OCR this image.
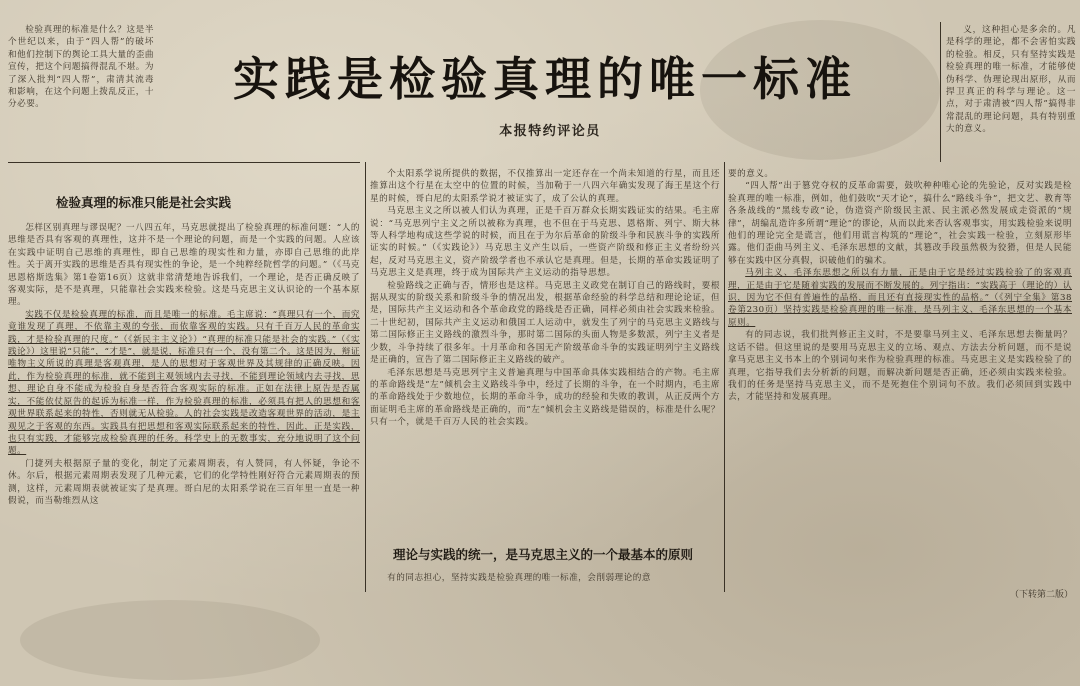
检验真理的标准是什么？这是半个世纪以来，由于“四人帮”的破坏和他们控制下的舆论工具大量的歪曲宣传，把这个问题搞得混乱不堪。为了深入批判“四人帮”，肃清其流毒和影响，在这个问题上拨乱反正，十分必要。	实践是检验真理的唯一标准
本报特约评论员

义，这种担心是多余的。凡是科学的理论，都不会害怕实践的检验。相反，只有坚持实践是检验真理的唯一标准，才能够使伪科学、伪理论现出原形，从而捍卫真正的科学与理论。这一点，对于肃清被“四人帮”搞得非常混乱的理论问题，具有特别重大的意义。

检验真理的标准只能是社会实践

怎样区别真理与谬误呢？一八四五年，马克思就提出了检验真理的标准问题：“人的思维是否具有客观的真理性，这并不是一个理论的问题，而是一个实践的问题。人应该在实践中证明自己思维的真理性，即自己思维的现实性和力量，亦即自己思维的此岸性。关于离开实践的思维是否具有现实性的争论，是一个纯粹经院哲学的问题。”（《马克思恩格斯选集》第1卷第16页）这就非常清楚地告诉我们，一个理论，是否正确反映了客观实际，是不是真理，只能靠社会实践来检验。这是马克思主义认识论的一个基本原理。

实践不仅是检验真理的标准，而且是唯一的标准。毛主席说：“真理只有一个，而究竟谁发现了真理，不依靠主观的夸张，而依靠客观的实践。只有千百万人民的革命实践，才是检验真理的尺度。”（《新民主主义论》）“真理的标准只能是社会的实践。”（《实践论》）这里说“只能”，“才是”，就是说，标准只有一个，没有第二个。这是因为，辩证唯物主义所说的真理是客观真理，是人的思想对于客观世界及其规律的正确反映。因此，作为检验真理的标准，就不能到主观领域内去寻找，不能到理论领域内去寻找，思想、理论自身不能成为检验自身是否符合客观实际的标准。正如在法律上原告是否属实，不能依仗原告的起诉为标准一样，作为检验真理的标准，必须具有把人的思想和客观世界联系起来的特性，否则就无从检验。人的社会实践是改造客观世界的活动，是主观见之于客观的东西。实践具有把思想和客观实际联系起来的特性，因此，正是实践，也只有实践，才能够完成检验真理的任务。科学史上的无数事实，充分地说明了这个问题。

门捷列夫根据原子量的变化，制定了元素周期表，有人赞同，有人怀疑，争论不休。尔后，根据元素周期表发现了几种元素，它们的化学特性刚好符合元素周期表的预测，这样，元素周期表就被证实了是真理。哥白尼的太阳系学说在三百年里一直是一种假说，而当勒维烈从这

个太阳系学说所提供的数据，不仅推算出一定还存在一个尚未知道的行星，而且还推算出这个行星在太空中的位置的时候，当加勒于一八四六年确实发现了海王星这个行星的时候，哥白尼的太阳系学说才被证实了，成了公认的真理。

马克思主义之所以被人们认为真理，正是千百万群众长期实践证实的结果。毛主席说：“马克思列宁主义之所以被称为真理，也不但在于马克思、恩格斯、列宁、斯大林等人科学地构成这些学说的时候，而且在于为尔后革命的阶级斗争和民族斗争的实践所证实的时候。”（《实践论》）马克思主义产生以后，一些资产阶级和修正主义者纷纷兴起，反对马克思主义，资产阶级学者也不承认它是真理。但是，长期的革命实践证明了马克思主义是真理，终于成为国际共产主义运动的指导思想。

检验路线之正确与否，情形也是这样。马克思主义政党在制订自己的路线时，要根据从现实的阶级关系和阶级斗争的情况出发，根据革命经验的科学总结和理论论证，但是，国际共产主义运动和各个革命政党的路线是否正确，同样必须由社会实践来检验。二十世纪初，国际共产主义运动和俄国工人运动中，就发生了列宁的马克思主义路线与第二国际修正主义路线的激烈斗争，那时第二国际的头面人物是多数派，列宁主义者是少数，斗争持续了很多年。十月革命和各国无产阶级革命斗争的实践证明列宁主义路线是正确的，宣告了第二国际修正主义路线的破产。

毛泽东思想是马克思列宁主义普遍真理与中国革命具体实践相结合的产物。毛主席的革命路线是“左”倾机会主义路线斗争中，经过了长期的斗争，在一个时期内，毛主席的革命路线处于少数地位，长期的革命斗争，成功的经验和失败的教训，从正反两个方面证明毛主席的革命路线是正确的，而“左”倾机会主义路线是错误的，标准是什么呢？只有一个，就是千百万人民的社会实践。

理论与实践的统一，是马克思主义的一个最基本的原则

有的同志担心，坚持实践是检验真理的唯一标准，会削弱理论的意

要的意义。

“四人帮”出于篡党夺权的反革命需要，鼓吹种种唯心论的先验论，反对实践是检验真理的唯一标准，例如，他们鼓吹“天才论”，搞什么“路线斗争”，把文艺、教育等各条战线的“黑线专政”论，伪造资产阶级民主派、民主派必然发展成走资派的“规律”，胡编乱造许多所谓“理论”的谬论，从而以此来否认客观事实，用实践检验来说明他们的理论完全是谎言，他们用谎言构筑的“理论”，社会实践一检验，立刻原形毕露。他们歪曲马列主义、毛泽东思想的文献，其篡改手段虽然极为狡猾，但是人民能够在实践中区分真假，识破他们的骗术。

马列主义、毛泽东思想之所以有力量，正是由于它是经过实践检验了的客观真理，正是由于它是随着实践的发展而不断发展的。列宁指出：“实践高于（理论的）认识，因为它不但有普遍性的品格，而且还有直接现实性的品格。”（《列宁全集》第38卷第230页）坚持实践是检验真理的唯一标准，是马列主义、毛泽东思想的一个基本原则。

有的同志说，我们批判修正主义时，不是要靠马列主义、毛泽东思想去衡量吗？这话不错。但这里说的是要用马克思主义的立场、观点、方法去分析问题，而不是说拿马克思主义书本上的个别词句来作为检验真理的标准。马克思主义是实践检验了的真理，它指导我们去分析新的问题，而解决新问题是否正确，还必须由实践来检验。我们的任务是坚持马克思主义，而不是死抱住个别词句不放。我们必须回到实践中去，才能坚持和发展真理。

（下转第二版）
